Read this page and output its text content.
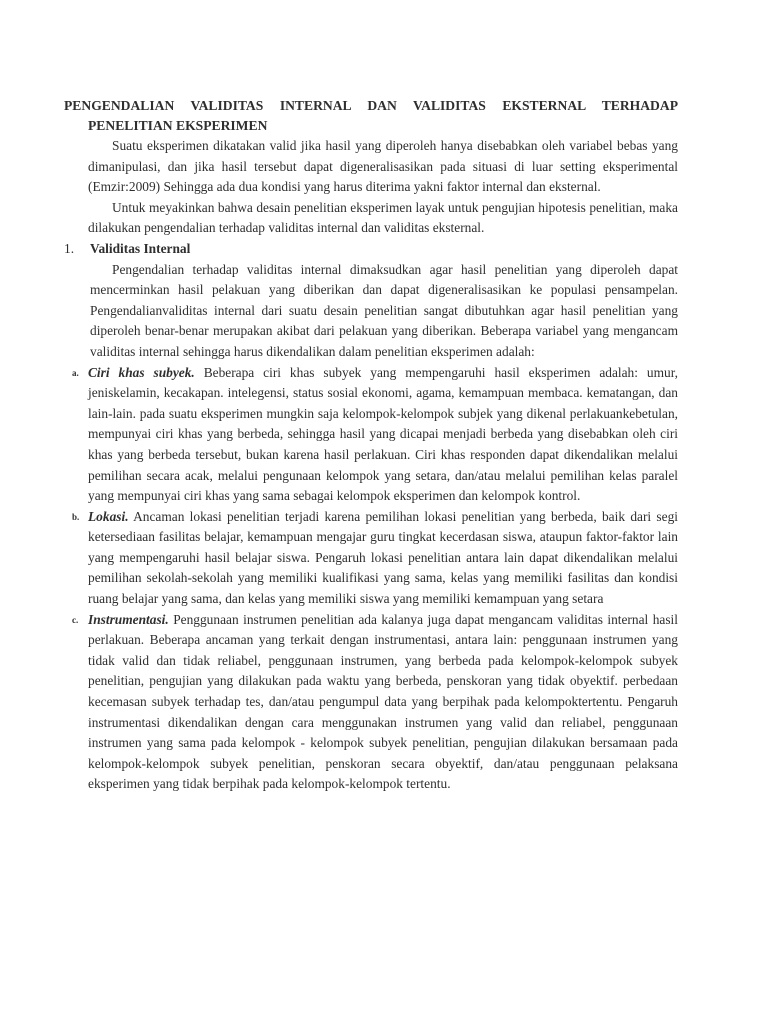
PENGENDALIAN VALIDITAS INTERNAL DAN VALIDITAS EKSTERNAL TERHADAP
PENELITIAN EKSPERIMEN

Suatu eksperimen dikatakan valid jika hasil yang diperoleh hanya disebabkan oleh variabel bebas yang dimanipulasi, dan jika hasil tersebut dapat digeneralisasikan pada situasi di luar setting eksperimental (Emzir:2009) Sehingga ada dua kondisi yang harus diterima yakni faktor internal dan eksternal.

Untuk meyakinkan bahwa desain penelitian eksperimen layak untuk pengujian hipotesis penelitian, maka dilakukan pengendalian terhadap validitas internal dan validitas eksternal.

1.	Validitas Internal

Pengendalian terhadap validitas internal dimaksudkan agar hasil penelitian yang diperoleh dapat mencerminkan hasil pelakuan yang diberikan dan dapat digeneralisasikan ke populasi pensampelan. Pengendalianvaliditas internal dari suatu desain penelitian sangat dibutuhkan agar hasil penelitian yang diperoleh benar-benar merupakan akibat dari pelakuan yang diberikan. Beberapa variabel yang mengancam validitas internal sehingga harus dikendalikan dalam penelitian eksperimen adalah:

a. Ciri khas subyek. Beberapa ciri khas subyek yang mempengaruhi hasil eksperimen adalah: umur, jeniskelamin, kecakapan. intelegensi, status sosial ekonomi, agama, kemampuan membaca. kematangan, dan lain-lain. pada suatu eksperimen mungkin saja kelompok-kelompok subjek yang dikenal perlakuankebetulan, mempunyai ciri khas yang berbeda, sehingga hasil yang dicapai menjadi berbeda yang disebabkan oleh ciri khas yang berbeda tersebut, bukan karena hasil perlakuan. Ciri khas responden dapat dikendalikan melalui pemilihan secara acak, melalui pengunaan kelompok yang setara, dan/atau melalui pemilihan kelas paralel yang mempunyai ciri khas yang sama sebagai kelompok eksperimen dan kelompok kontrol.

b. Lokasi. Ancaman lokasi penelitian terjadi karena pemilihan lokasi penelitian yang berbeda, baik dari segi ketersediaan fasilitas belajar, kemampuan mengajar guru tingkat kecerdasan siswa, ataupun faktor-faktor lain yang mempengaruhi hasil belajar siswa. Pengaruh lokasi penelitian antara lain dapat dikendalikan melalui pemilihan sekolah-sekolah yang memiliki kualifikasi yang sama, kelas yang memiliki fasilitas dan kondisi ruang belajar yang sama, dan kelas yang memiliki siswa yang memiliki kemampuan yang setara

c. Instrumentasi. Penggunaan instrumen penelitian ada kalanya juga dapat mengancam validitas internal hasil perlakuan. Beberapa ancaman yang terkait dengan instrumentasi, antara lain: penggunaan instrumen yang tidak valid dan tidak reliabel, penggunaan instrumen, yang berbeda pada kelompok-kelompok subyek penelitian, pengujian yang dilakukan pada waktu yang berbeda, penskoran yang tidak obyektif. perbedaan kecemasan subyek terhadap tes, dan/atau pengumpul data yang berpihak pada kelompoktertentu. Pengaruh instrumentasi dikendalikan dengan cara menggunakan instrumen yang valid dan reliabel, penggunaan instrumen yang sama pada kelompok - kelompok subyek penelitian, pengujian dilakukan bersamaan pada kelompok-kelompok subyek penelitian, penskoran secara obyektif, dan/atau penggunaan pelaksana eksperimen yang tidak berpihak pada kelompok-kelompok tertentu.
